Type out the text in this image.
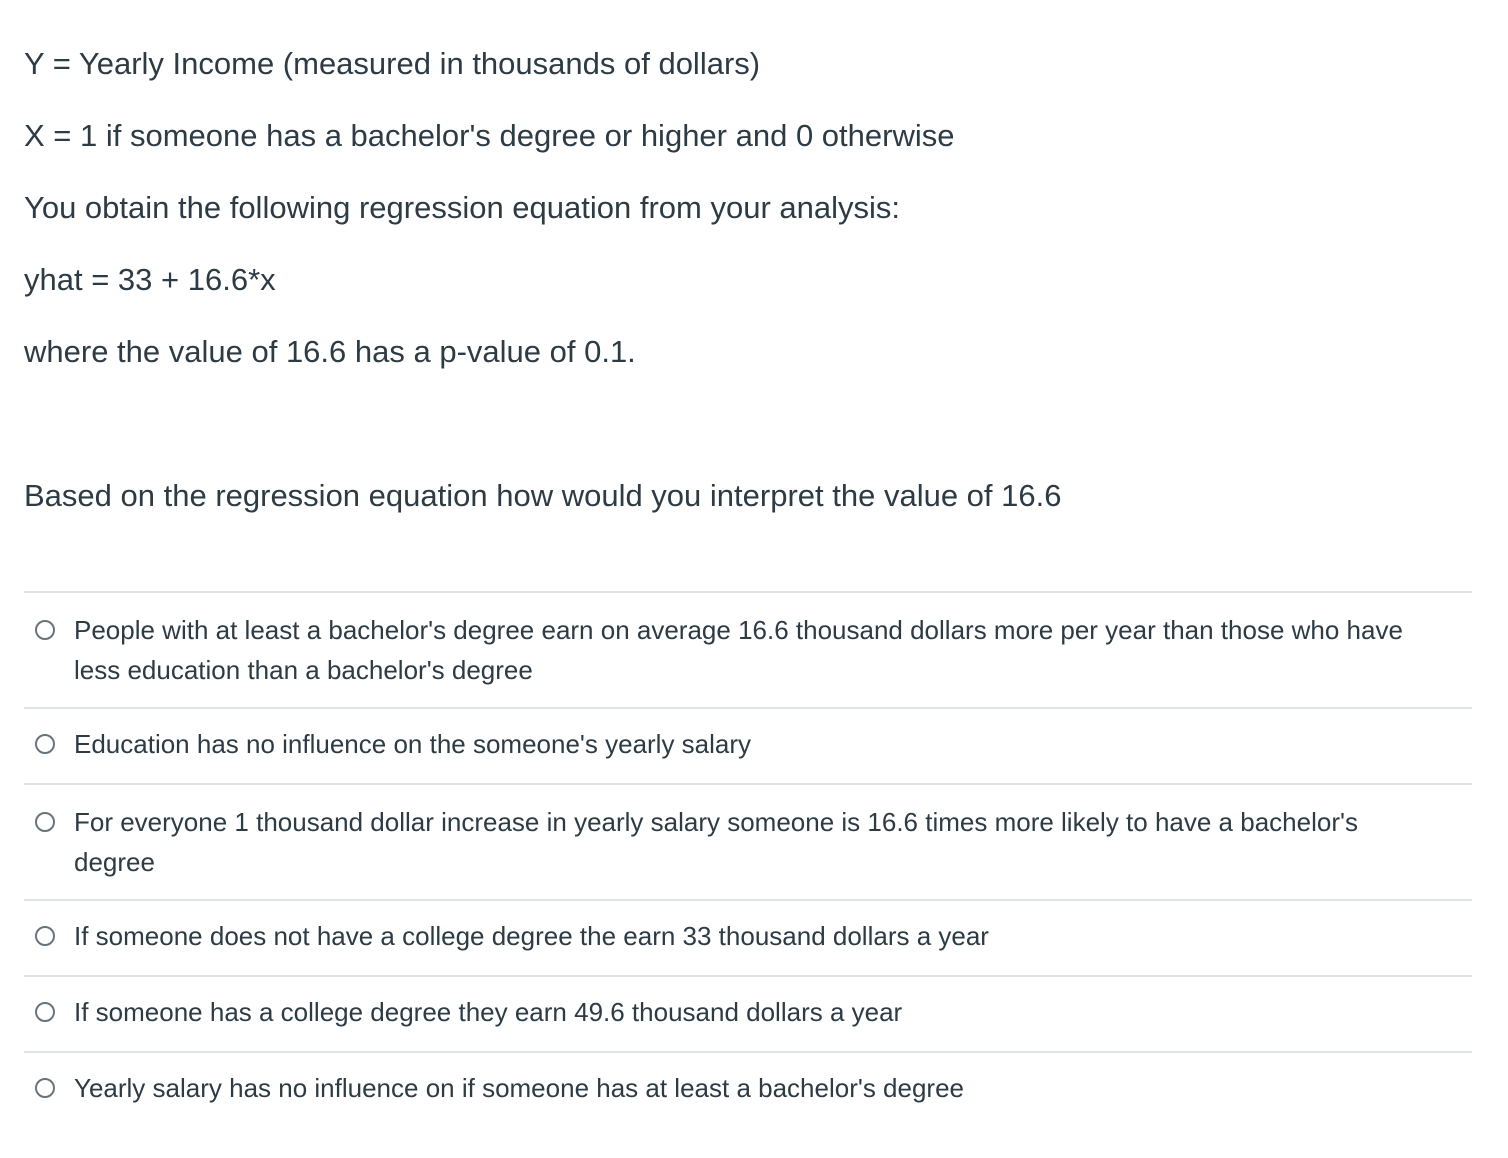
Y = Yearly Income (measured in thousands of dollars)

X = 1 if someone has a bachelor's degree or higher and 0 otherwise

You obtain the following regression equation from your analysis:

yhat = 33 + 16.6*x

where the value of 16.6 has a p-value of 0.1.

Based on the regression equation how would you interpret the value of 16.6

People with at least a bachelor's degree earn on average 16.6 thousand dollars more per year than those who have less education than a bachelor's degree
Education has no influence on the someone's yearly salary
For everyone 1 thousand dollar increase in yearly salary someone is 16.6 times more likely to have a bachelor's degree
If someone does not have a college degree the earn 33 thousand dollars a year
If someone has a college degree they earn 49.6 thousand dollars a year
Yearly salary has no influence on if someone has at least a bachelor's degree
